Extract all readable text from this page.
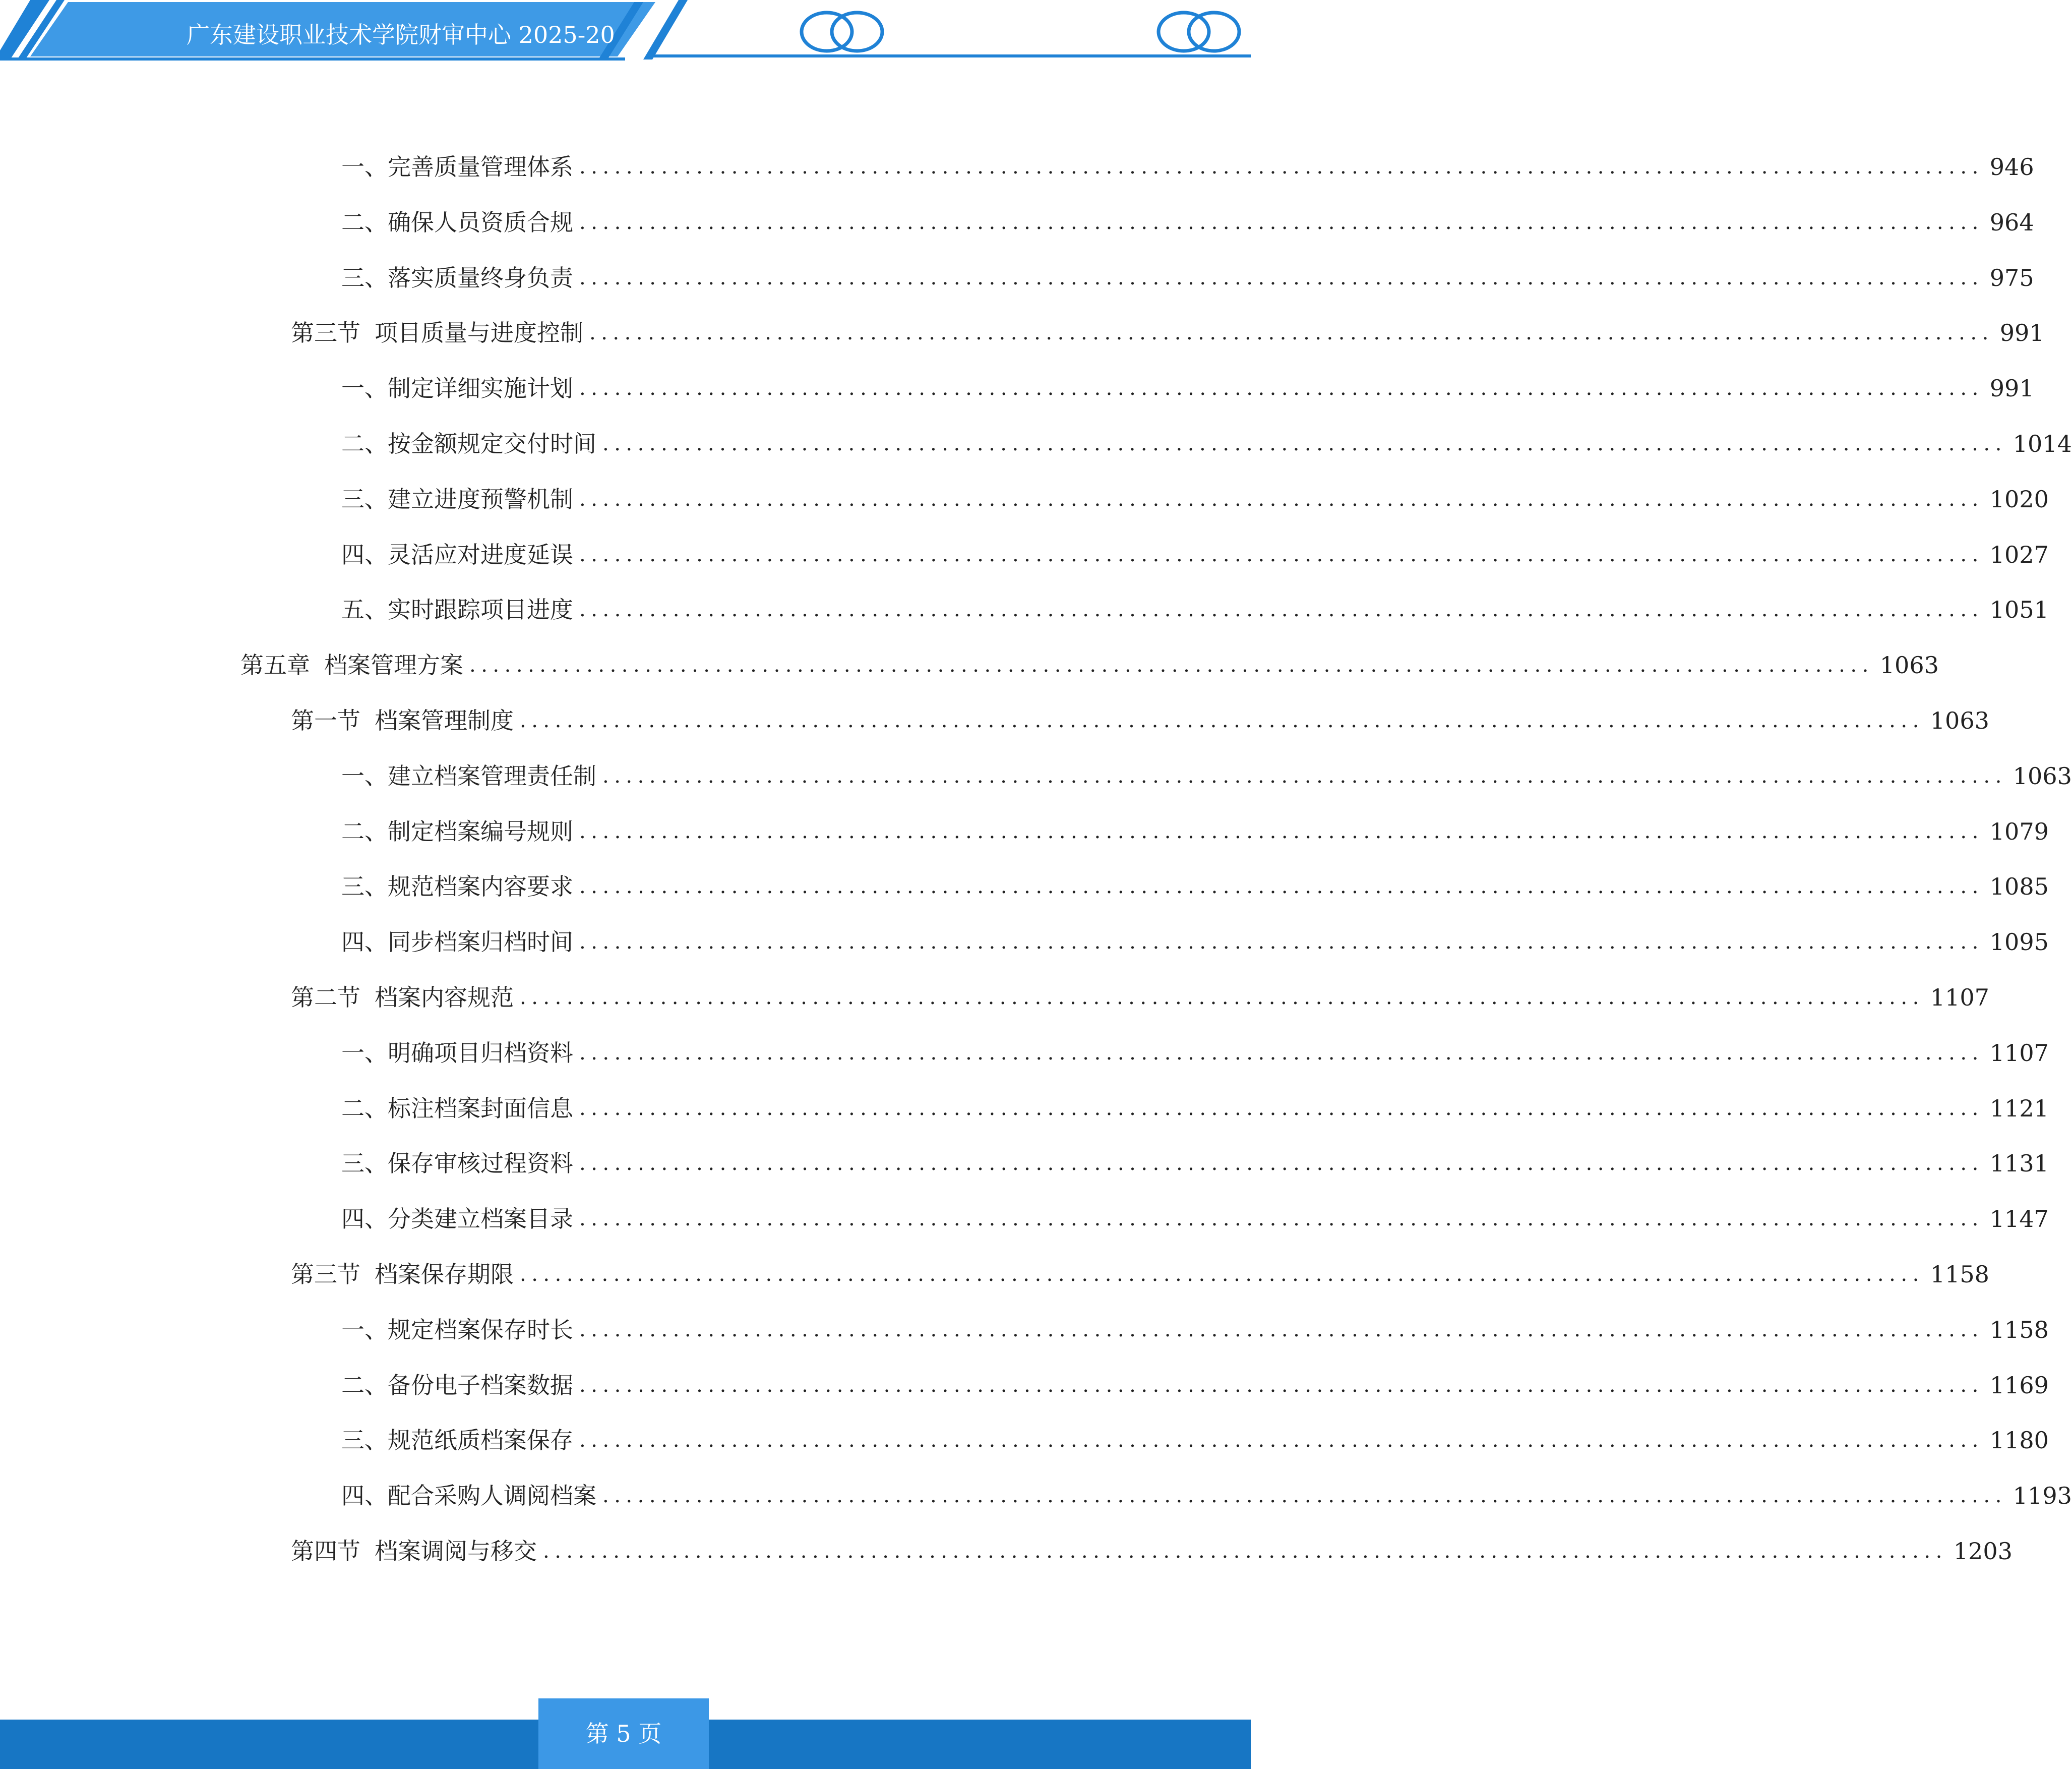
广东建设职业技术学院财审中心 2025-20
一、 完善质量管理体系 ........................................................................................................................ 946
二、 确保人员资质合规 ........................................................................................................................ 964
三、 落实质量终身负责 ........................................................................................................................ 975
第三节 项目质量与进度控制 ........................................................................................................................ 991
一、 制定详细实施计划 ........................................................................................................................ 991
二、 按金额规定交付时间 ........................................................................................................................ 1014
三、 建立进度预警机制 ........................................................................................................................ 1020
四、 灵活应对进度延误 ........................................................................................................................ 1027
五、 实时跟踪项目进度 ........................................................................................................................ 1051
第五章 档案管理方案 ........................................................................................................................ 1063
第一节 档案管理制度 ........................................................................................................................ 1063
一、 建立档案管理责任制 ........................................................................................................................ 1063
二、 制定档案编号规则 ........................................................................................................................ 1079
三、 规范档案内容要求 ........................................................................................................................ 1085
四、 同步档案归档时间 ........................................................................................................................ 1095
第二节 档案内容规范 ........................................................................................................................ 1107
一、 明确项目归档资料 ........................................................................................................................ 1107
二、 标注档案封面信息 ........................................................................................................................ 1121
三、 保存审核过程资料 ........................................................................................................................ 1131
四、 分类建立档案目录 ........................................................................................................................ 1147
第三节 档案保存期限 ........................................................................................................................ 1158
一、 规定档案保存时长 ........................................................................................................................ 1158
二、 备份电子档案数据 ........................................................................................................................ 1169
三、 规范纸质档案保存 ........................................................................................................................ 1180
四、 配合采购人调阅档案 ........................................................................................................................ 1193
第四节 档案调阅与移交 ........................................................................................................................ 1203
第 5 页
